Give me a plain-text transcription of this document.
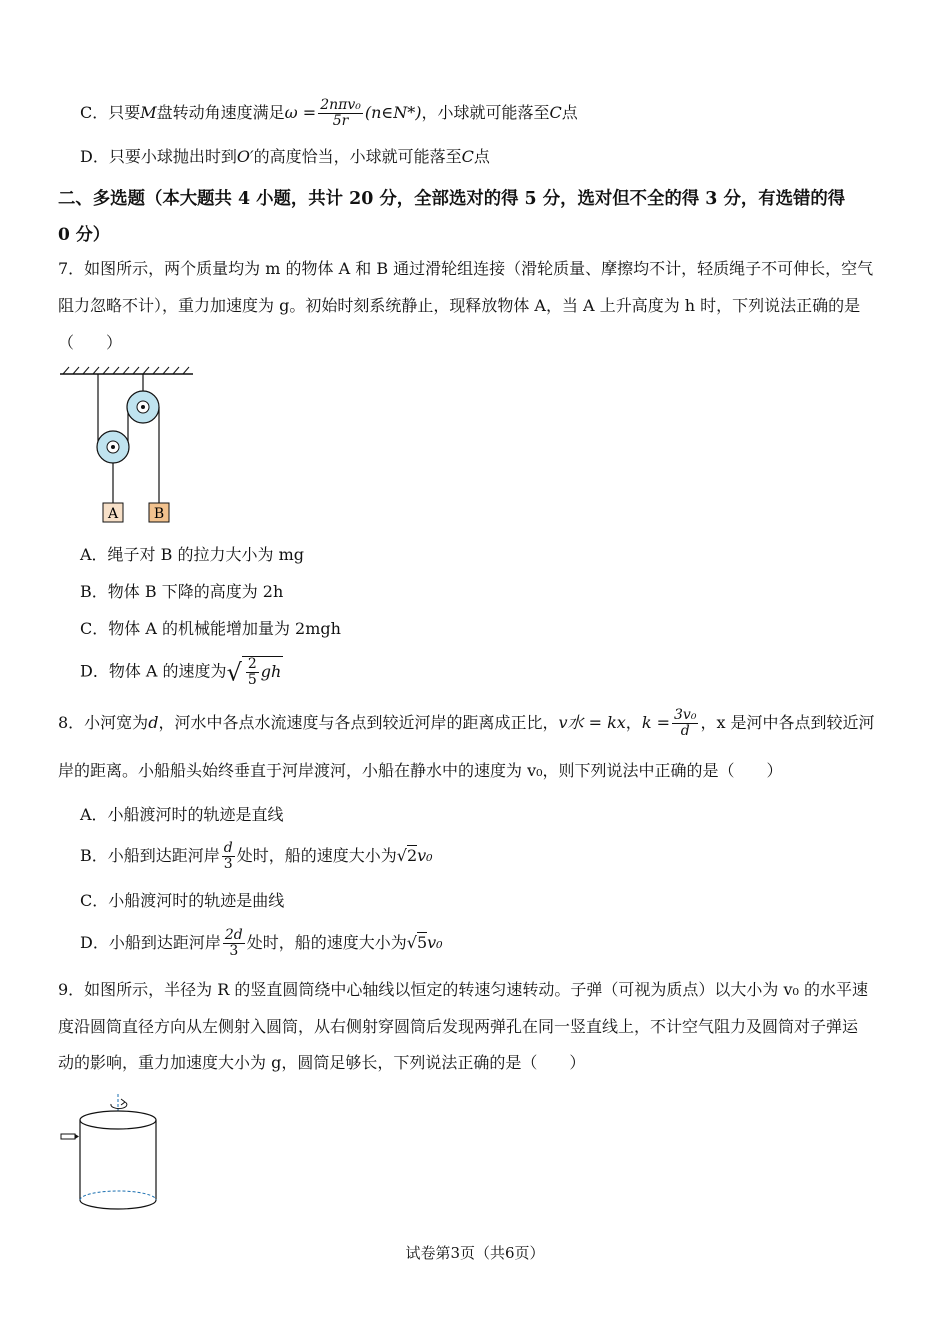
C．只要M盘转动角速度满足$\omega = \frac{\text{2nπv₀}}{5r}$ (n∈N*)，小球就可能落至C点
D．只要小球抛出时到O′的高度恰当，小球就可能落至C点
二、多选题（本大题共 4 小题，共计 20 分，全部选对的得 5 分，选对但不全的得 3 分，有选错的得
0 分）
7．如图所示，两个质量均为 m 的物体 A 和 B 通过滑轮组连接（滑轮质量、摩擦均不计，轻质绳子不可伸长，空气
阻力忽略不计），重力加速度为 g。初始时刻系统静止，现释放物体 A，当 A 上升高度为 h 时，下列说法正确的是
（　　）
A	B
A．绳子对 B 的拉力大小为 mg
B．物体 B 下降的高度为 2h
C．物体 A 的机械能增加量为 2mgh
D．物体 A 的速度为√ $\frac{2}{5}$ gh
8．小河宽为d，河水中各点水流速度与各点到较近河岸的距离成正比，v水 = kx，$k = \frac{\text{3v₀}}{d}$ ，x 是河中各点到较近河
岸的距离。小船船头始终垂直于河岸渡河，小船在静水中的速度为 v₀，则下列说法中正确的是（　　）
A．小船渡河时的轨迹是直线
B．小船到达距河岸 $\frac{d}{3}$ 处时，船的速度大小为√2v₀
C．小船渡河时的轨迹是曲线
D．小船到达距河岸 $\frac{2d}{3}$ 处时，船的速度大小为√5v₀
9．如图所示，半径为 R 的竖直圆筒绕中心轴线以恒定的转速匀速转动。子弹（可视为质点）以大小为 v₀ 的水平速
度沿圆筒直径方向从左侧射入圆筒，从右侧射穿圆筒后发现两弹孔在同一竖直线上，不计空气阻力及圆筒对子弹运
动的影响，重力加速度大小为 g，圆筒足够长，下列说法正确的是（　　）
试卷第3页（共6页）
